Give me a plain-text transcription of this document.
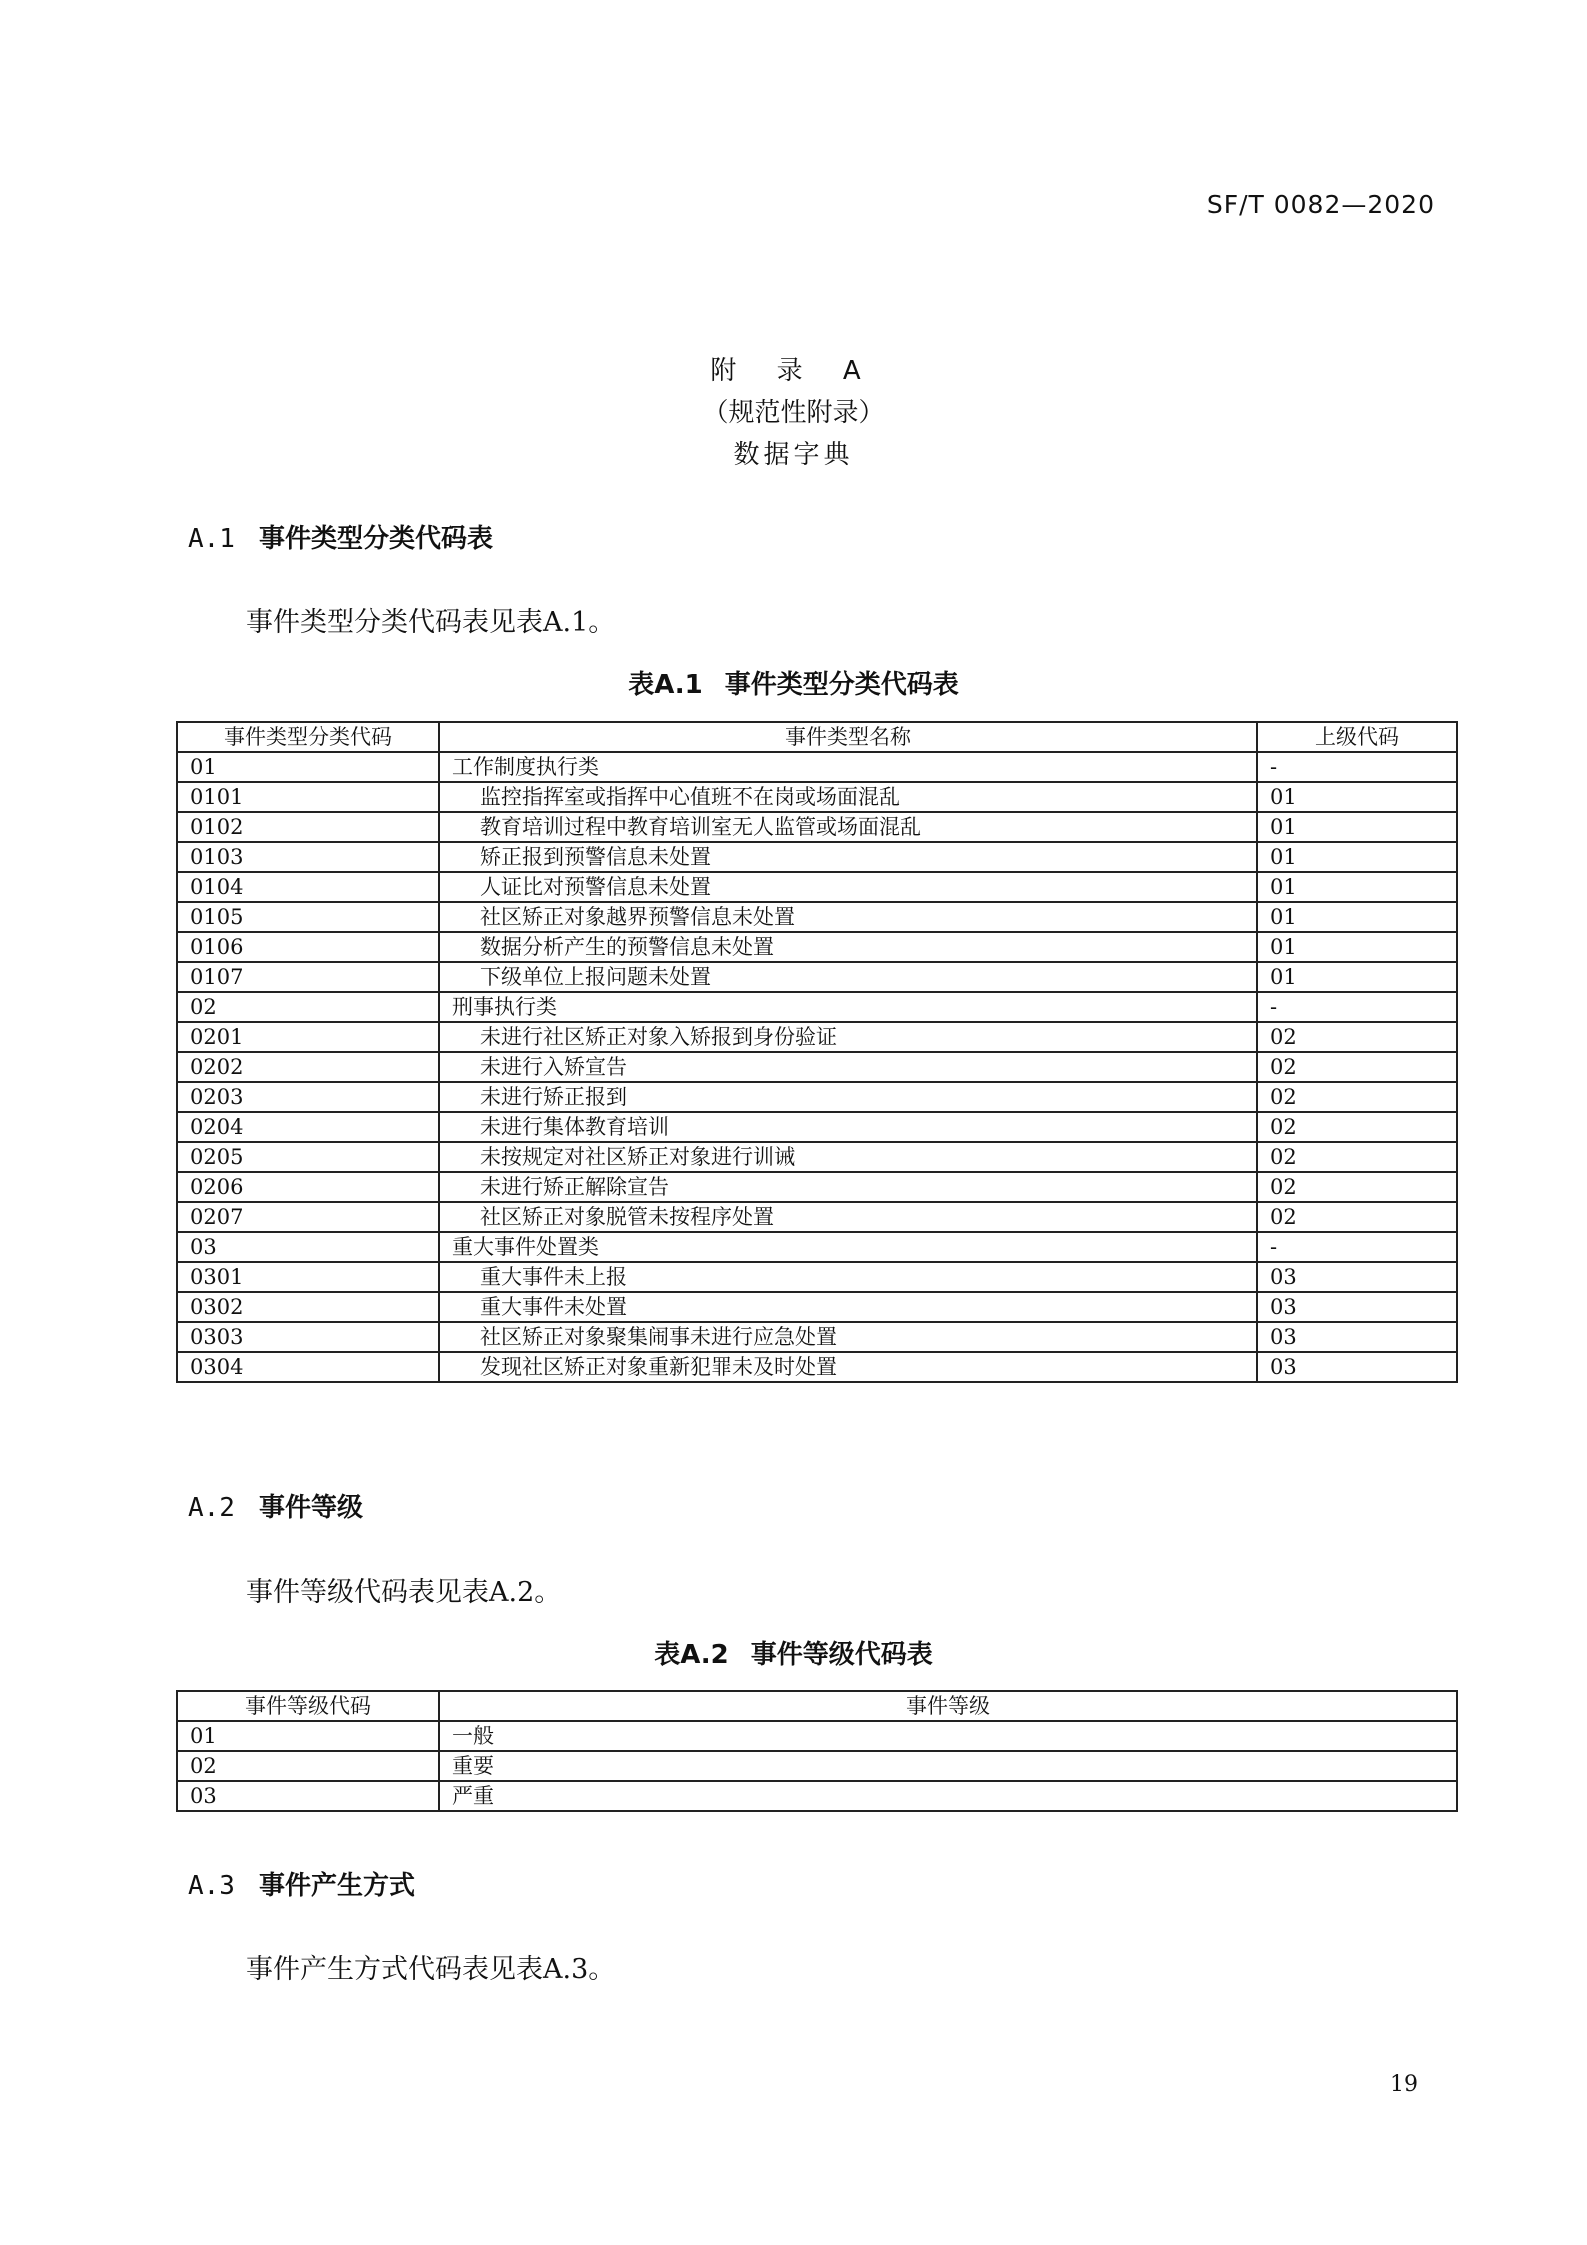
SF/T 0082—2020
附 录 A
（规范性附录）
数据字典
A.1 事件类型分类代码表
事件类型分类代码表见表A.1。
表A.1 事件类型分类代码表
事件类型分类代码	事件类型名称	上级代码
01	工作制度执行类	-
0101	监控指挥室或指挥中心值班不在岗或场面混乱	01
0102	教育培训过程中教育培训室无人监管或场面混乱	01
0103	矫正报到预警信息未处置	01
0104	人证比对预警信息未处置	01
0105	社区矫正对象越界预警信息未处置	01
0106	数据分析产生的预警信息未处置	01
0107	下级单位上报问题未处置	01
02	刑事执行类	-
0201	未进行社区矫正对象入矫报到身份验证	02
0202	未进行入矫宣告	02
0203	未进行矫正报到	02
0204	未进行集体教育培训	02
0205	未按规定对社区矫正对象进行训诫	02
0206	未进行矫正解除宣告	02
0207	社区矫正对象脱管未按程序处置	02
03	重大事件处置类	-
0301	重大事件未上报	03
0302	重大事件未处置	03
0303	社区矫正对象聚集闹事未进行应急处置	03
0304	发现社区矫正对象重新犯罪未及时处置	03
A.2 事件等级
事件等级代码表见表A.2。
表A.2 事件等级代码表
事件等级代码	事件等级
01	一般
02	重要
03	严重
A.3 事件产生方式
事件产生方式代码表见表A.3。
19
